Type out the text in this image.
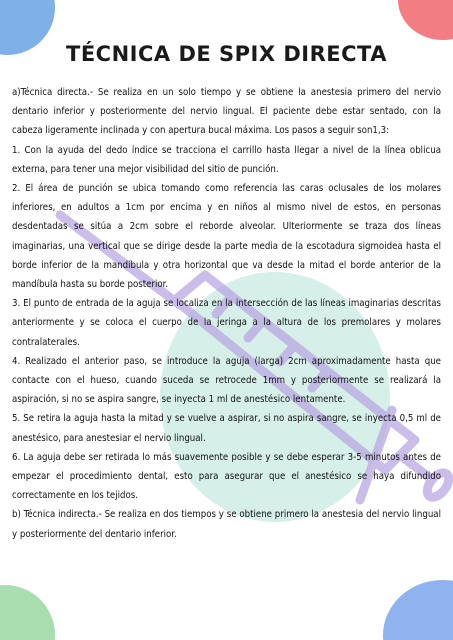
TÉCNICA DE SPIX DIRECTA

a)Técnica directa.- Se realiza en un solo tiempo y se obtiene la anestesia primero del nervio dentario inferior y posteriormente del nervio lingual. El paciente debe estar sentado, con la cabeza ligeramente inclinada y con apertura bucal máxima. Los pasos a seguir son1,3:

1. Con la ayuda del dedo índice se tracciona el carrillo hasta llegar a nivel de la línea oblicua externa, para tener una mejor visibilidad del sitio de punción.

2. El área de punción se ubica tomando como referencia las caras oclusales de los molares inferiores, en adultos a 1cm por encima y en niños al mismo nivel de estos, en personas desdentadas se sitúa a 2cm sobre el reborde alveolar. Ulteriormente se traza dos líneas imaginarias, una vertical que se dirige desde la parte media de la escotadura sigmoidea hasta el borde inferior de la mandíbula y otra horizontal que va desde la mitad el borde anterior de la mandíbula hasta su borde posterior.

3. El punto de entrada de la aguja se localiza en la intersección de las líneas imaginarias descritas anteriormente y se coloca el cuerpo de la jeringa a la altura de los premolares y molares contralaterales.

4. Realizado el anterior paso, se introduce la aguja (larga) 2cm aproximadamente hasta que contacte con el hueso, cuando suceda se retrocede 1mm y posteriormente se realizará la aspiración, si no se aspira sangre, se inyecta 1 ml de anestésico lentamente.

5. Se retira la aguja hasta la mitad y se vuelve a aspirar, si no aspira sangre, se inyecta 0,5 ml de anestésico, para anestesiar el nervio lingual.

6. La aguja debe ser retirada lo más suavemente posible y se debe esperar 3-5 minutos antes de empezar el procedimiento dental, esto para asegurar que el anestésico se haya difundido correctamente en los tejidos.

b) Técnica indirecta.- Se realiza en dos tiempos y se obtiene primero la anestesia del nervio lingual y posteriormente del dentario inferior.
